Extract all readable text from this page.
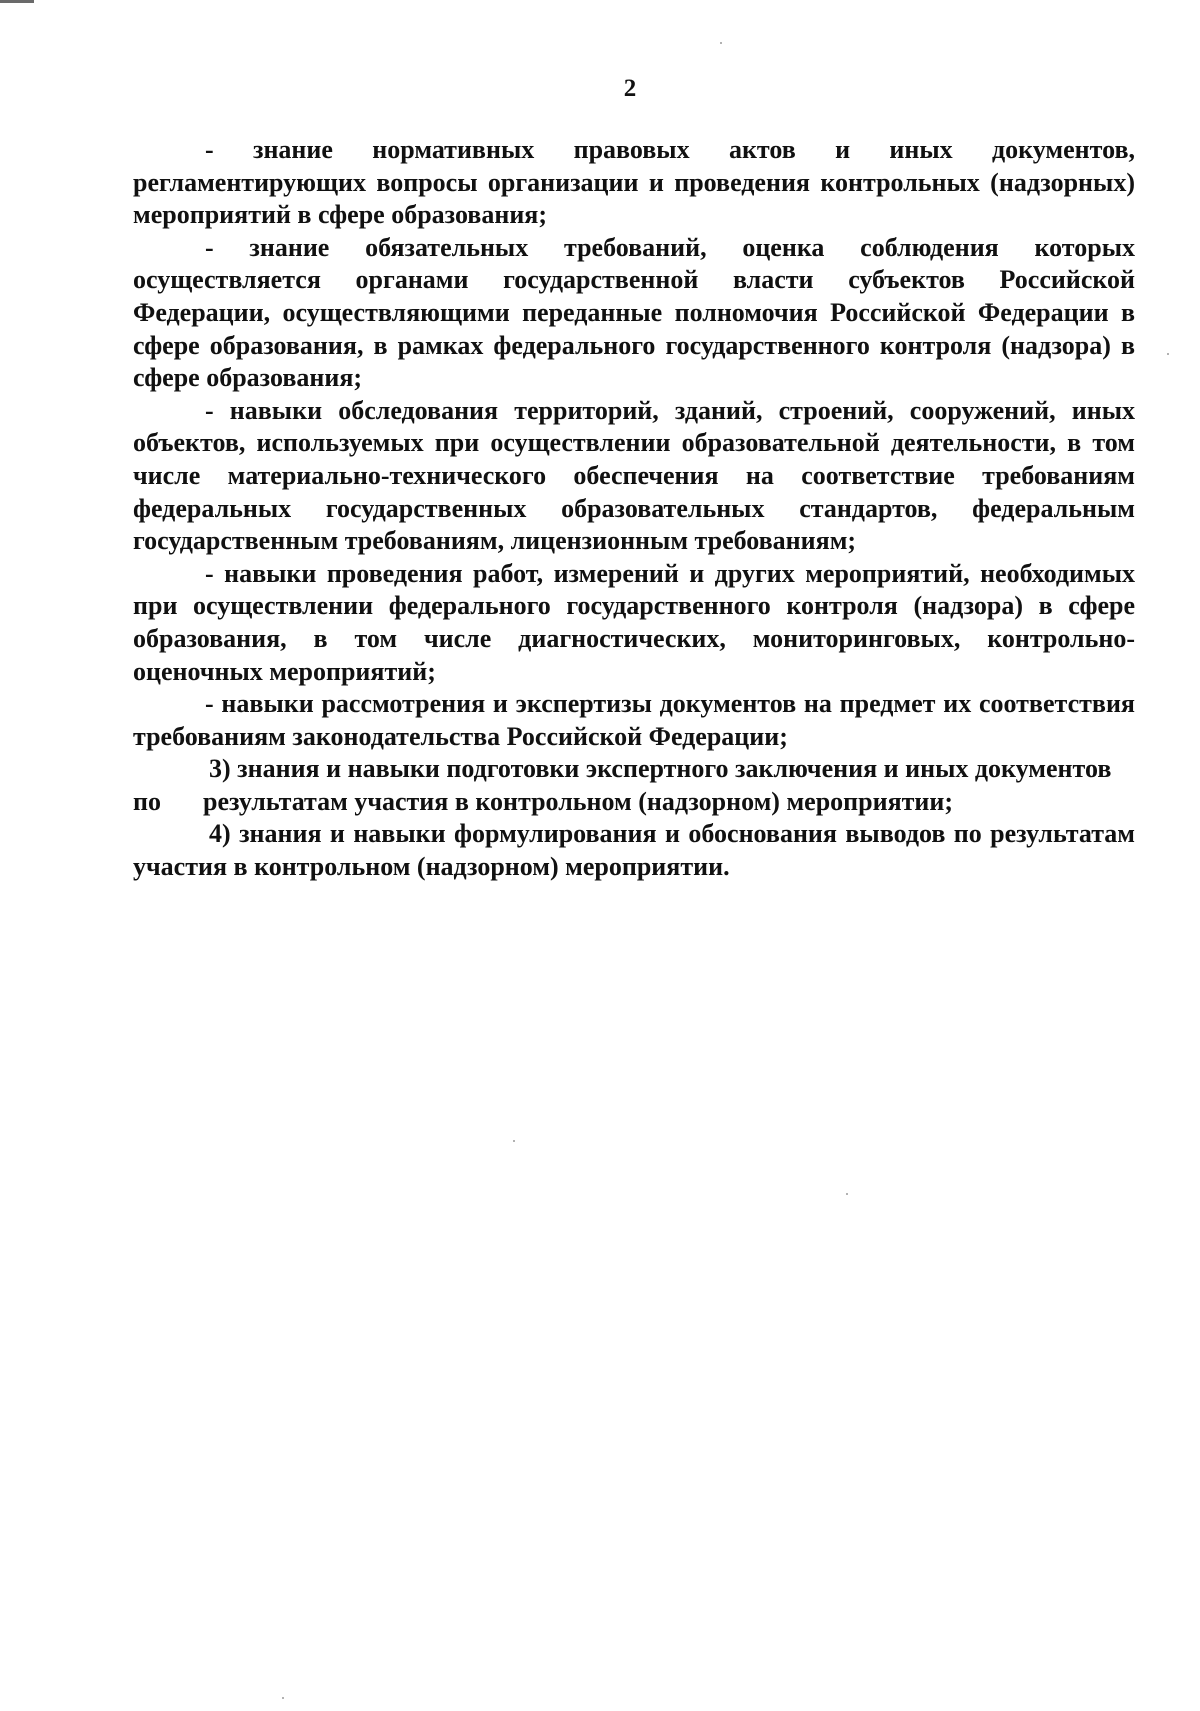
2

- знание нормативных правовых актов и иных документов, регламентирующих вопросы организации и проведения контрольных (надзорных) мероприятий в сфере образования;

- знание обязательных требований, оценка соблюдения которых осуществляется органами государственной власти субъектов Российской Федерации, осуществляющими переданные полномочия Российской Федерации в сфере образования, в рамках федерального государственного контроля (надзора) в сфере образования;

- навыки обследования территорий, зданий, строений, сооружений, иных объектов, используемых при осуществлении образовательной деятельности, в том числе материально-технического обеспечения на соответствие требованиям федеральных государственных образовательных стандартов, федеральным государственным требованиям, лицензионным требованиям;

- навыки проведения работ, измерений и других мероприятий, необходимых при осуществлении федерального государственного контроля (надзора) в сфере образования, в том числе диагностических, мониторинговых, контрольно-оценочных мероприятий;

- навыки рассмотрения и экспертизы документов на предмет их соответствия требованиям законодательства Российской Федерации;

3) знания и навыки подготовки экспертного заключения и иных документов

по	результатам участия в контрольном (надзорном) мероприятии;

4) знания и навыки формулирования и обоснования выводов по результатам участия в контрольном (надзорном) мероприятии.
